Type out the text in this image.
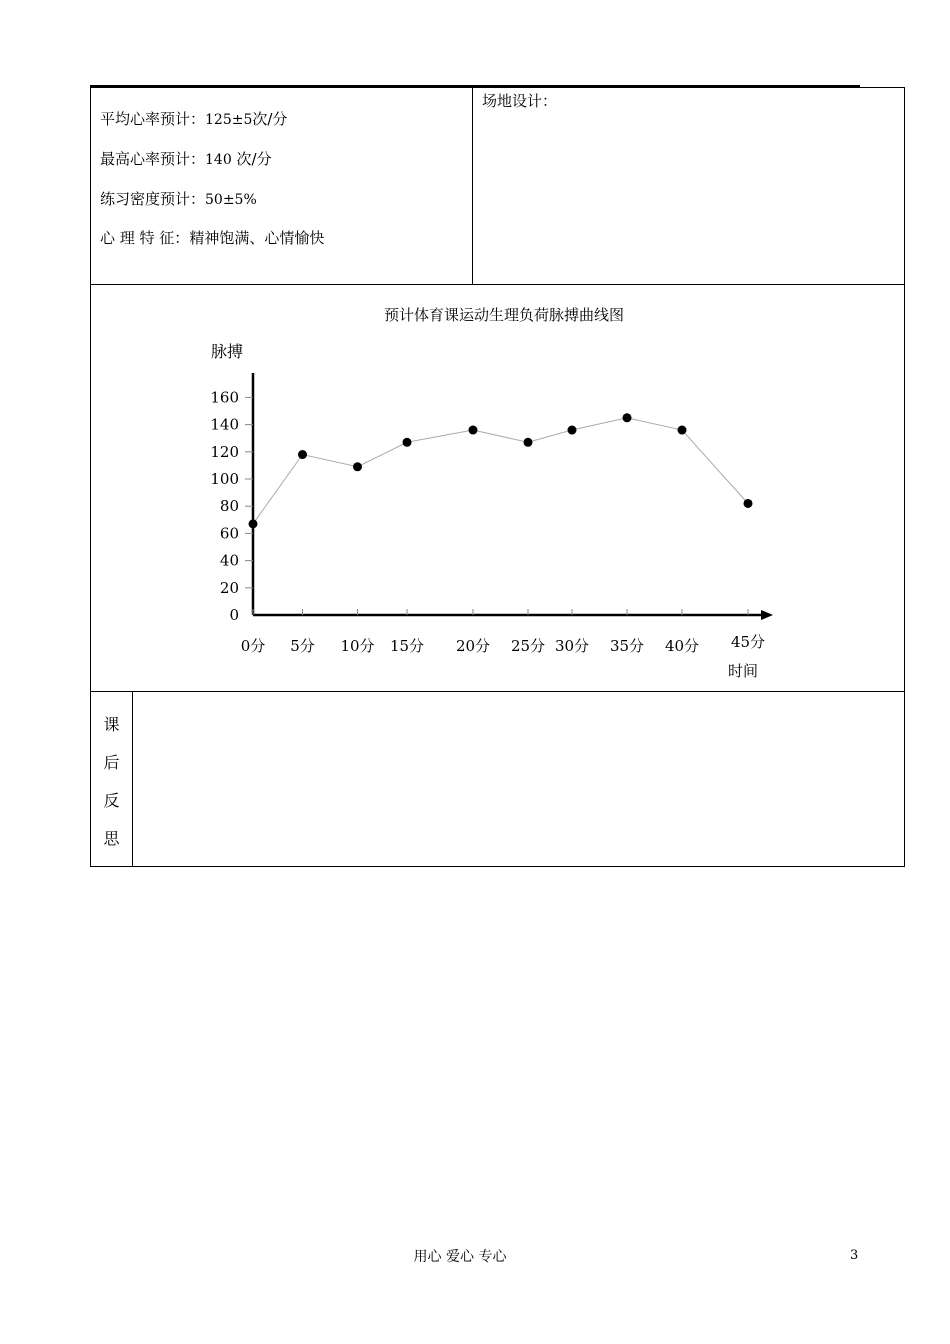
平均心率预计：125±5次/分
最高心率预计：140 次/分
练习密度预计：50±5%
心 理 特 征：精神饱满、心情愉快
场地设计：
预计体育课运动生理负荷脉搏曲线图
脉搏
时间
0
20
40
60
80
100
120
140
160
0分 5分 10分 15分 20分 25分 30分 35分 40分 45分
课
后
反
思
用心 爱心 专心	3
